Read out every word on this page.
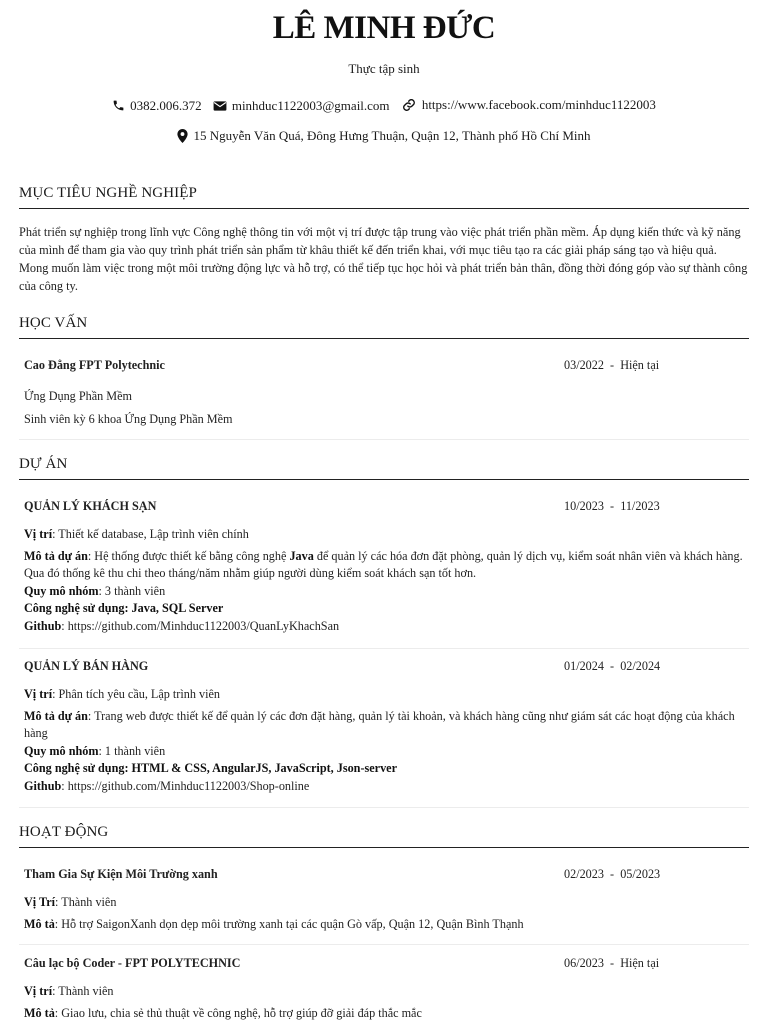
LÊ MINH ĐỨC
Thực tập sinh
0382.006.372
minhduc1122003@gmail.com
https://www.facebook.com/minhduc1122003
15 Nguyễn Văn Quá, Đông Hưng Thuận, Quận 12, Thành phố Hồ Chí Minh
MỤC TIÊU NGHỀ NGHIỆP
Phát triển sự nghiệp trong lĩnh vực Công nghệ thông tin với một vị trí được tập trung vào việc phát triển phần mềm. Áp dụng kiến thức và kỹ năng của mình để tham gia vào quy trình phát triển sản phẩm từ khâu thiết kế đến triển khai, với mục tiêu tạo ra các giải pháp sáng tạo và hiệu quả. Mong muốn làm việc trong một môi trường động lực và hỗ trợ, có thể tiếp tục học hỏi và phát triển bản thân, đồng thời đóng góp vào sự thành công của công ty.
HỌC VẤN
Cao Đẳng FPT Polytechnic	03/2022  -  Hiện tại
Ứng Dụng Phần Mềm
Sinh viên kỳ 6 khoa Ứng Dụng Phần Mềm
DỰ ÁN
QUẢN LÝ KHÁCH SẠN	10/2023  -  11/2023
Vị trí: Thiết kế database, Lập trình viên chính
Mô tả dự án: Hệ thống được thiết kế bằng công nghệ Java để quản lý các hóa đơn đặt phòng, quản lý dịch vụ, kiểm soát nhân viên và khách hàng. Qua đó thống kê thu chi theo tháng/năm nhằm giúp người dùng kiểm soát khách sạn tốt hơn.
Quy mô nhóm: 3 thành viên
Công nghệ sử dụng: Java, SQL Server
Github: https://github.com/Minhduc1122003/QuanLyKhachSan
QUẢN LÝ BÁN HÀNG	01/2024  -  02/2024
Vị trí: Phân tích yêu cầu, Lập trình viên
Mô tả dự án: Trang web được thiết kế để quản lý các đơn đặt hàng, quản lý tài khoản, và khách hàng cũng như giám sát các hoạt động của khách hàng
Quy mô nhóm: 1 thành viên
Công nghệ sử dụng: HTML & CSS, AngularJS, JavaScript, Json-server
Github: https://github.com/Minhduc1122003/Shop-online
HOẠT ĐỘNG
Tham Gia Sự Kiện Môi Trường xanh	02/2023  -  05/2023
Vị Trí: Thành viên
Mô tả: Hỗ trợ SaigonXanh dọn dẹp môi trường xanh tại các quận Gò vấp, Quận 12, Quận Bình Thạnh
Câu lạc bộ Coder - FPT POLYTECHNIC	06/2023  -  Hiện tại
Vị trí: Thành viên
Mô tả: Giao lưu, chia sẻ thủ thuật về công nghệ, hỗ trợ giúp đỡ giải đáp thắc mắc
